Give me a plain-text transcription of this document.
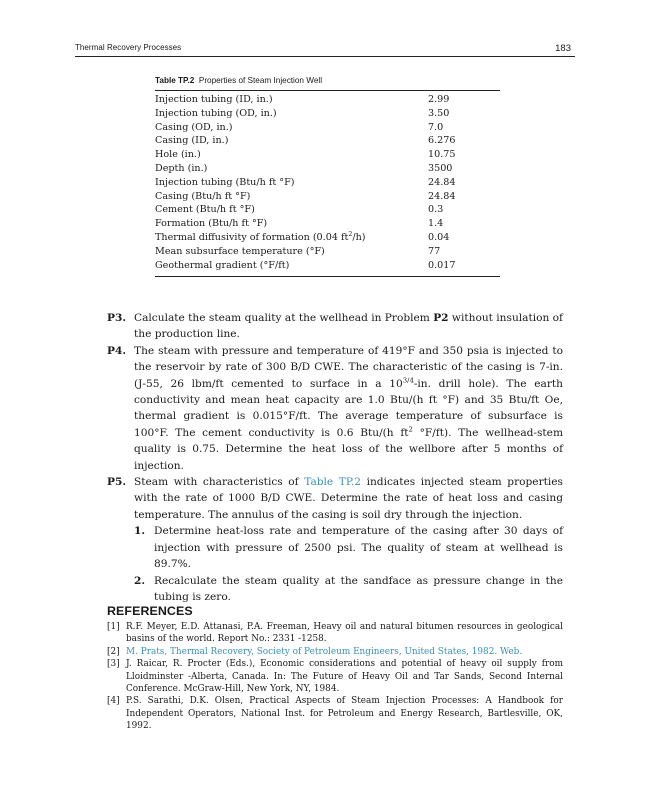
Thermal Recovery Processes	183
Table TP.2 Properties of Steam Injection Well
Injection tubing (ID, in.)	2.99
Injection tubing (OD, in.)	3.50
Casing (OD, in.)	7.0
Casing (ID, in.)	6.276
Hole (in.)	10.75
Depth (in.)	3500
Injection tubing (Btu/h ft °F)	24.84
Casing (Btu/h ft °F)	24.84
Cement (Btu/h ft °F)	0.3
Formation (Btu/h ft °F)	1.4
Thermal diffusivity of formation (0.04 $ft^2/h$)	0.04
Mean subsurface temperature (°F)	77
Geothermal gradient (°F/ft)	0.017
P3. Calculate the steam quality at the wellhead in Problem P2 without insulation of the production line.
P4. The steam with pressure and temperature of 419°F and 350 psia is injected to the reservoir by rate of 300 B/D CWE. The characteristic of the casing is 7-in. (J-55, 26 lbm/ft cemented to surface in a $10^{3/4}-in$. drill hole). The earth conductivity and mean heat capacity are 1.0 Btu/(h ft °F) and 35 Btu/ft Oe, thermal gradient is 0.015°F/ft. The average temperature of subsurface is 100°F. The cement conductivity is 0.6 Btu/(h $ft^2$ °F/ft). The wellhead-stem quality is 0.75. Determine the heat loss of the wellbore after 5 months of injection.
P5. Steam with characteristics of Table TP.2 indicates injected steam properties with the rate of 1000 B/D CWE. Determine the rate of heat loss and casing temperature. The annulus of the casing is soil dry through the injection.
1. Determine heat-loss rate and temperature of the casing after 30 days of injection with pressure of 2500 psi. The quality of steam at wellhead is 89.7%.
2. Recalculate the steam quality at the sandface as pressure change in the tubing is zero.
REFERENCES
[1] R.F. Meyer, E.D. Attanasi, P.A. Freeman, Heavy oil and natural bitumen resources in geological basins of the world. Report No.: 2331 -1258.
[2] M. Prats, Thermal Recovery, Society of Petroleum Engineers, United States, 1982. Web.
[3] J. Raicar, R. Procter (Eds.), Economic considerations and potential of heavy oil supply from Lloidminster -Alberta, Canada. In: The Future of Heavy Oil and Tar Sands, Second Internal Conference. McGraw-Hill, New York, NY, 1984.
[4] P.S. Sarathi, D.K. Olsen, Practical Aspects of Steam Injection Processes: A Handbook for Independent Operators, National Inst. for Petroleum and Energy Research, Bartlesville, OK, 1992.
